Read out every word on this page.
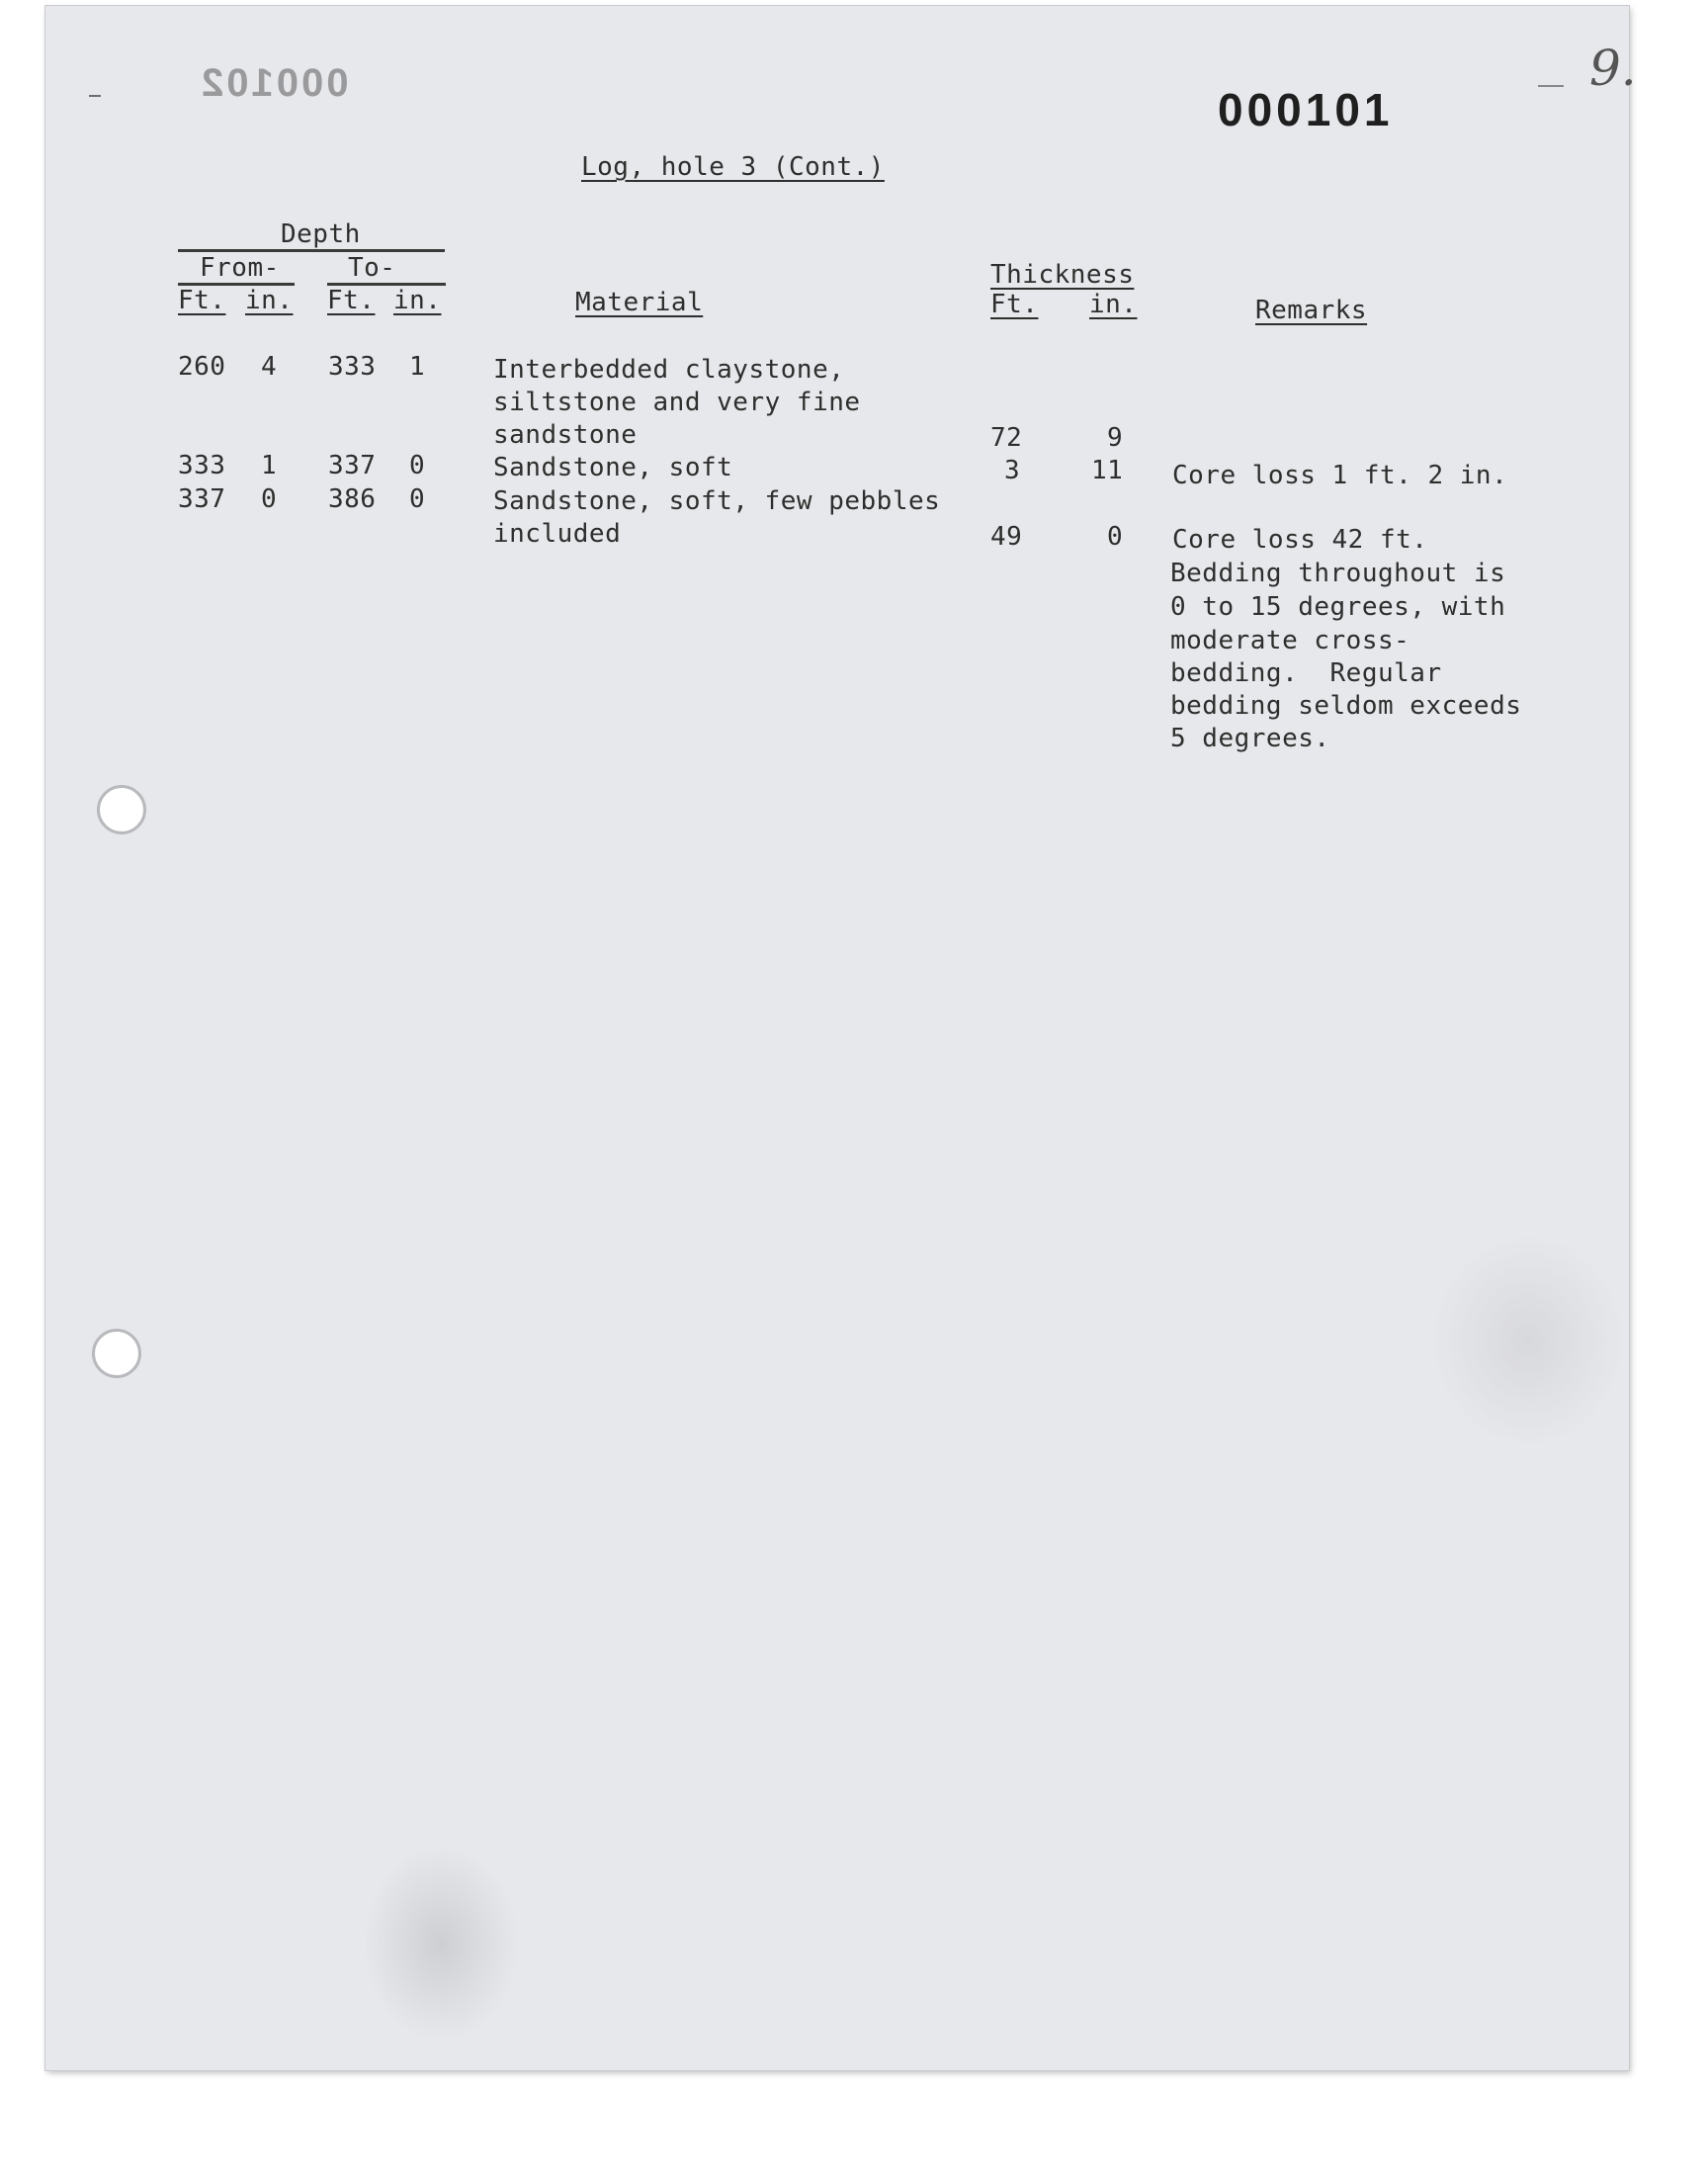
000102
000101
9.
Log, hole 3 (Cont.)
Depth
From-	To-
Ft. in. Ft. in.	Material
Thickness
Ft. in.	Remarks
260 4 333 1	Interbedded claystone,
siltstone and very fine
sandstone	72	9
333 1 337 0	Sandstone, soft	3	11 Core loss 1 ft. 2 in.
337 0 386 0	Sandstone, soft, few pebbles
included	49	0 Core loss 42 ft.
Bedding throughout is
0 to 15 degrees, with
moderate cross-
bedding.  Regular
bedding seldom exceeds
5 degrees.
